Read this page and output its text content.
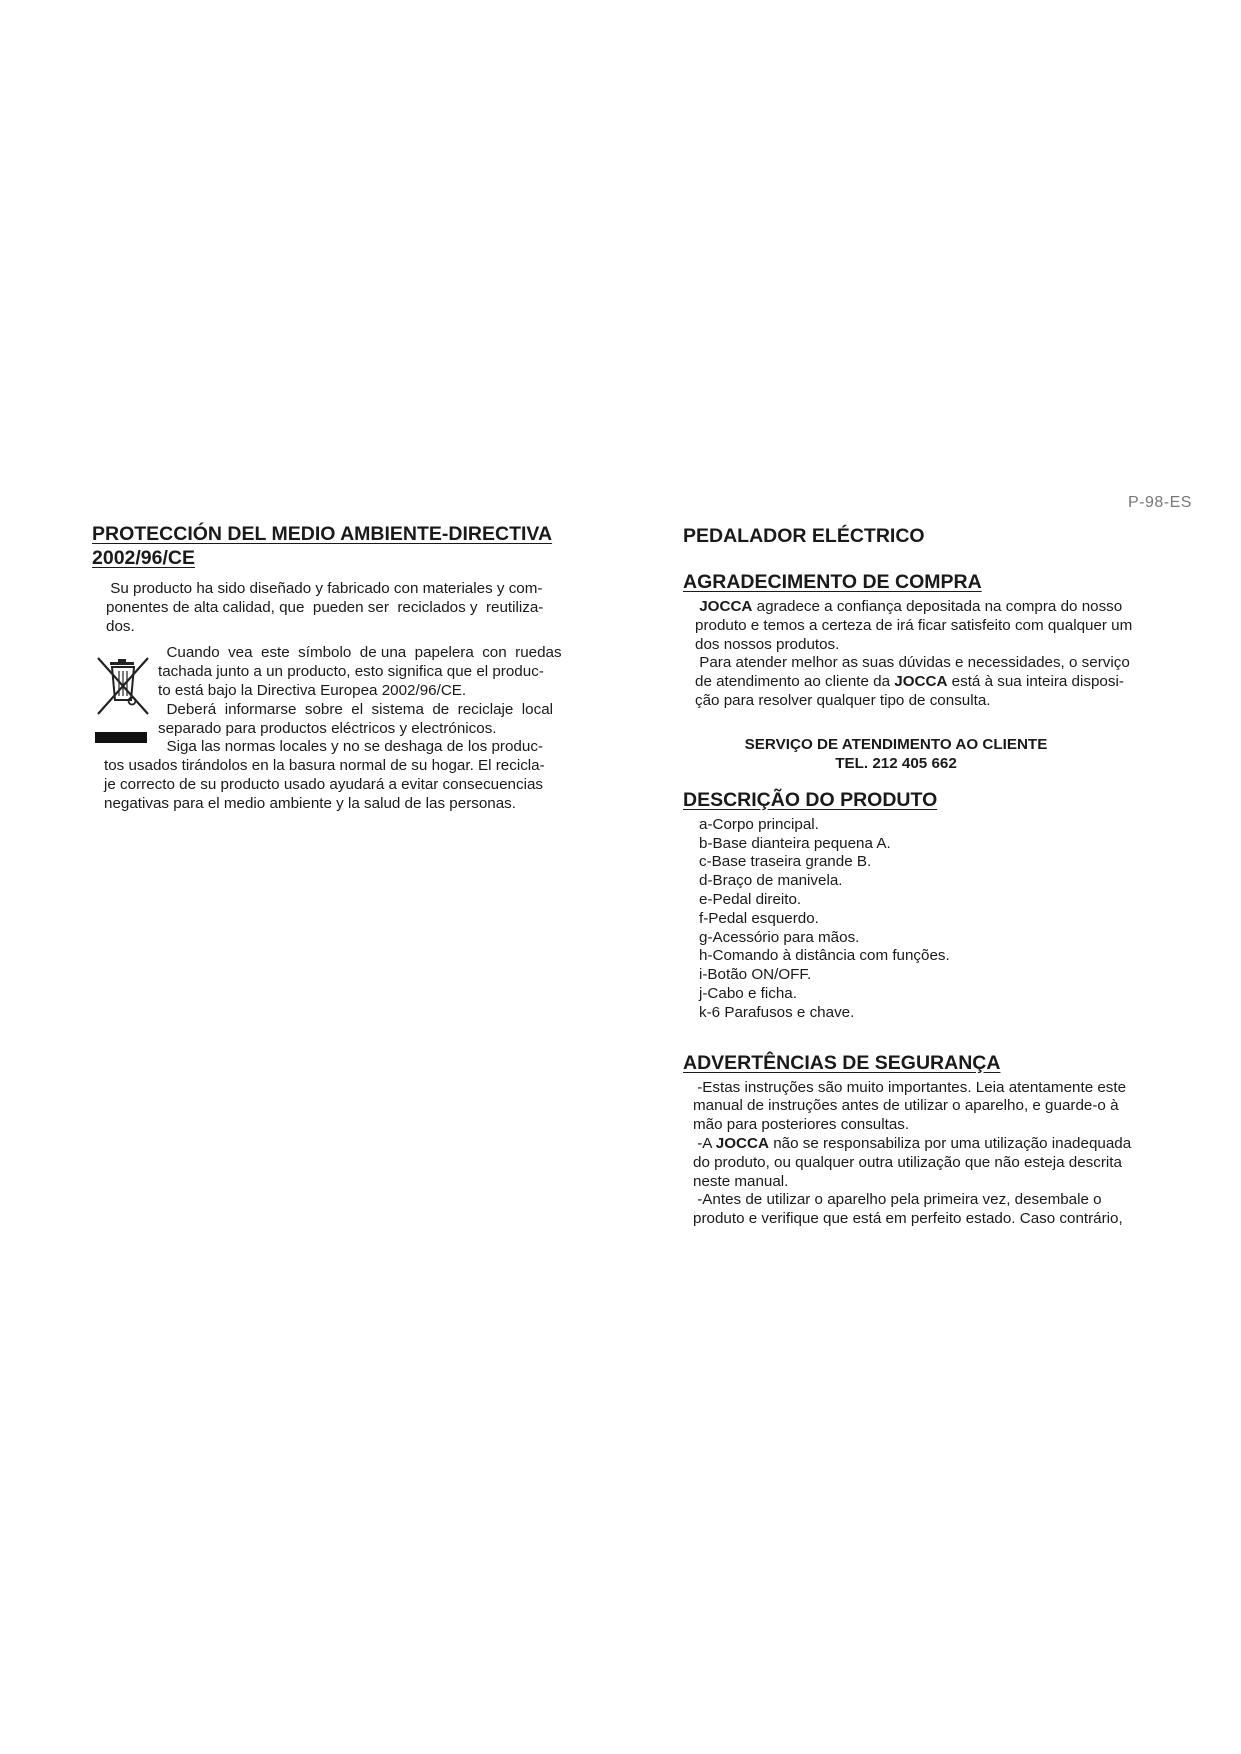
P-98-ES
PROTECCIÓN DEL MEDIO AMBIENTE-DIRECTIVA
2002/96/CE

Su producto ha sido diseñado y fabricado con materiales y com-

ponentes de alta calidad, que  pueden ser  reciclados y  reutiliza-

dos.

Cuando  vea  este  símbolo  de una  papelera  con  ruedas

tachada junto a un producto, esto significa que el produc-

to está bajo la Directiva Europea 2002/96/CE.

Deberá  informarse  sobre  el  sistema  de  reciclaje  local

separado para productos eléctricos y electrónicos.

Siga las normas locales y no se deshaga de los produc-

tos usados tirándolos en la basura normal de su hogar. El recicla-

je correcto de su producto usado ayudará a evitar consecuencias

negativas para el medio ambiente y la salud de las personas.

PEDALADOR ELÉCTRICO
AGRADECIMENTO DE COMPRA

JOCCA agradece a confiança depositada na compra do nosso

produto e temos a certeza de irá ficar satisfeito com qualquer um

dos nossos produtos.

Para atender melhor as suas dúvidas e necessidades, o serviço

de atendimento ao cliente da JOCCA está à sua inteira disposi-

ção para resolver qualquer tipo de consulta.

SERVIÇO DE ATENDIMENTO AO CLIENTE
TEL. 212 405 662
DESCRIÇÃO DO PRODUTO
a-Corpo principal.
b-Base dianteira pequena A.
c-Base traseira grande B.
d-Braço de manivela.
e-Pedal direito.
f-Pedal esquerdo.
g-Acessório para mãos.
h-Comando à distância com funções.
i-Botão ON/OFF.
j-Cabo e ficha.
k-6 Parafusos e chave.
ADVERTÊNCIAS DE SEGURANÇA

-Estas instruções são muito importantes. Leia atentamente este

manual de instruções antes de utilizar o aparelho, e guarde-o à

mão para posteriores consultas.

-A JOCCA não se responsabiliza por uma utilização inadequada

do produto, ou qualquer outra utilização que não esteja descrita

neste manual.

-Antes de utilizar o aparelho pela primeira vez, desembale o

produto e verifique que está em perfeito estado. Caso contrário,
